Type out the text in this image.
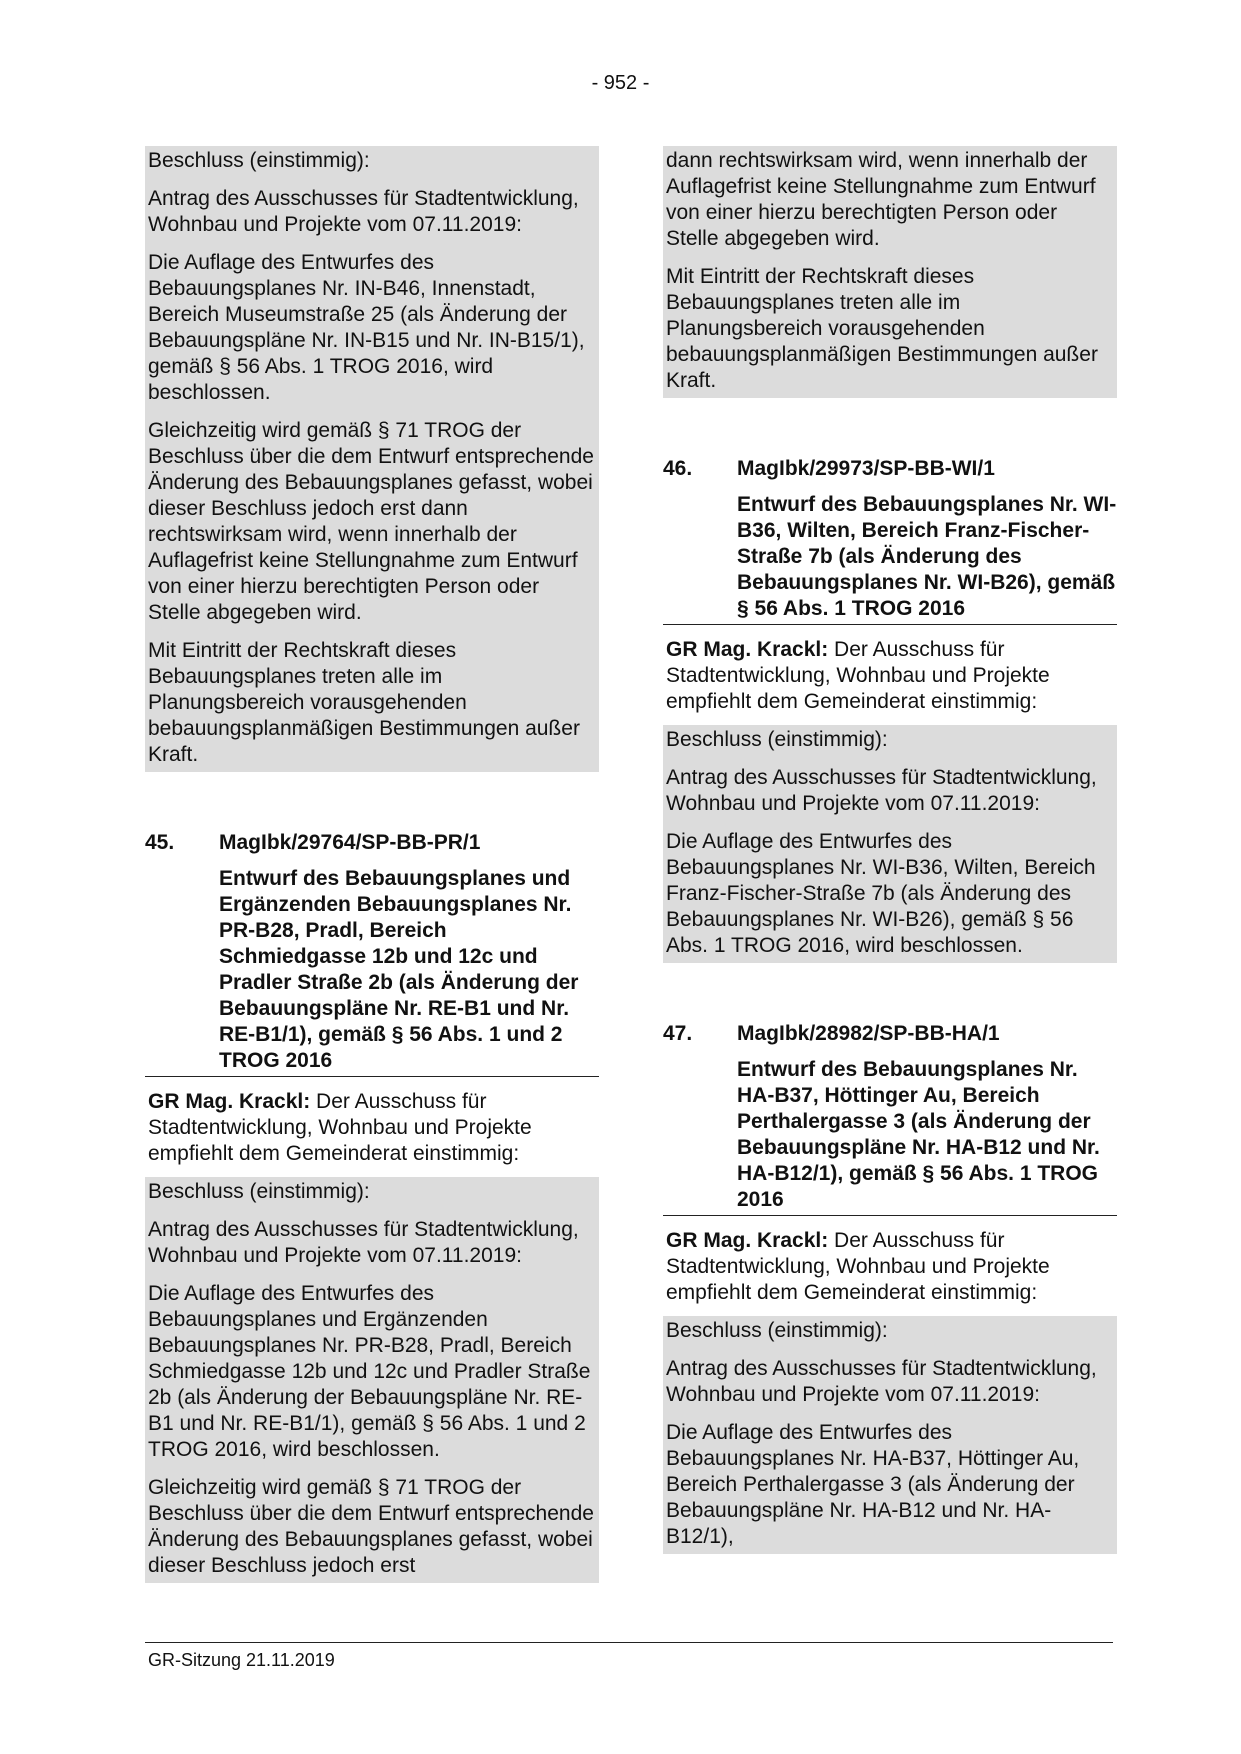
- 952 -

Beschluss (einstimmig):

Antrag des Ausschusses für Stadtentwicklung, Wohnbau und Projekte vom 07.11.2019:

Die Auflage des Entwurfes des Bebauungsplanes Nr. IN-B46, Innenstadt, Bereich Museumstraße 25 (als Änderung der Bebauungspläne Nr. IN-B15 und Nr. IN-B15/1), gemäß § 56 Abs. 1 TROG 2016, wird beschlossen.

Gleichzeitig wird gemäß § 71 TROG der Beschluss über die dem Entwurf entsprechende Änderung des Bebauungsplanes gefasst, wobei dieser Beschluss jedoch erst dann rechtswirksam wird, wenn innerhalb der Auflagefrist keine Stellungnahme zum Entwurf von einer hierzu berechtigten Person oder Stelle abgegeben wird.

Mit Eintritt der Rechtskraft dieses Bebauungsplanes treten alle im Planungsbereich vorausgehenden bebauungsplanmäßigen Bestimmungen außer Kraft.

45.	MagIbk/29764/SP-BB-PR/1
Entwurf des Bebauungsplanes und Ergänzenden Bebauungsplanes Nr. PR-B28, Pradl, Bereich Schmiedgasse 12b und 12c und Pradler Straße 2b (als Änderung der Bebauungspläne Nr. RE-B1 und Nr. RE-B1/1), gemäß § 56 Abs. 1 und 2 TROG 2016

GR Mag. Krackl: Der Ausschuss für Stadtentwicklung, Wohnbau und Projekte empfiehlt dem Gemeinderat einstimmig:

Beschluss (einstimmig):

Antrag des Ausschusses für Stadtentwicklung, Wohnbau und Projekte vom 07.11.2019:

Die Auflage des Entwurfes des Bebauungsplanes und Ergänzenden Bebauungsplanes Nr. PR-B28, Pradl, Bereich Schmiedgasse 12b und 12c und Pradler Straße 2b (als Änderung der Bebauungspläne Nr. RE-B1 und Nr. RE-B1/1), gemäß § 56 Abs. 1 und 2 TROG 2016, wird beschlossen.

Gleichzeitig wird gemäß § 71 TROG der Beschluss über die dem Entwurf entsprechende Änderung des Bebauungsplanes gefasst, wobei dieser Beschluss jedoch erst

dann rechtswirksam wird, wenn innerhalb der Auflagefrist keine Stellungnahme zum Entwurf von einer hierzu berechtigten Person oder Stelle abgegeben wird.

Mit Eintritt der Rechtskraft dieses Bebauungsplanes treten alle im Planungsbereich vorausgehenden bebauungsplanmäßigen Bestimmungen außer Kraft.

46.	MagIbk/29973/SP-BB-WI/1
Entwurf des Bebauungsplanes Nr. WI-B36, Wilten, Bereich Franz-Fischer-Straße 7b (als Änderung des Bebauungsplanes Nr. WI-B26), gemäß § 56 Abs. 1 TROG 2016

GR Mag. Krackl: Der Ausschuss für Stadtentwicklung, Wohnbau und Projekte empfiehlt dem Gemeinderat einstimmig:

Beschluss (einstimmig):

Antrag des Ausschusses für Stadtentwicklung, Wohnbau und Projekte vom 07.11.2019:

Die Auflage des Entwurfes des Bebauungsplanes Nr. WI-B36, Wilten, Bereich Franz-Fischer-Straße 7b (als Änderung des Bebauungsplanes Nr. WI-B26), gemäß § 56 Abs. 1 TROG 2016, wird beschlossen.

47.	MagIbk/28982/SP-BB-HA/1
Entwurf des Bebauungsplanes Nr. HA-B37, Höttinger Au, Bereich Perthalergasse 3 (als Änderung der Bebauungspläne Nr. HA-B12 und Nr. HA-B12/1), gemäß § 56 Abs. 1 TROG 2016

GR Mag. Krackl: Der Ausschuss für Stadtentwicklung, Wohnbau und Projekte empfiehlt dem Gemeinderat einstimmig:

Beschluss (einstimmig):

Antrag des Ausschusses für Stadtentwicklung, Wohnbau und Projekte vom 07.11.2019:

Die Auflage des Entwurfes des Bebauungsplanes Nr. HA-B37, Höttinger Au, Bereich Perthalergasse 3 (als Änderung der Bebauungspläne Nr. HA-B12 und Nr. HA-B12/1),

GR-Sitzung 21.11.2019
